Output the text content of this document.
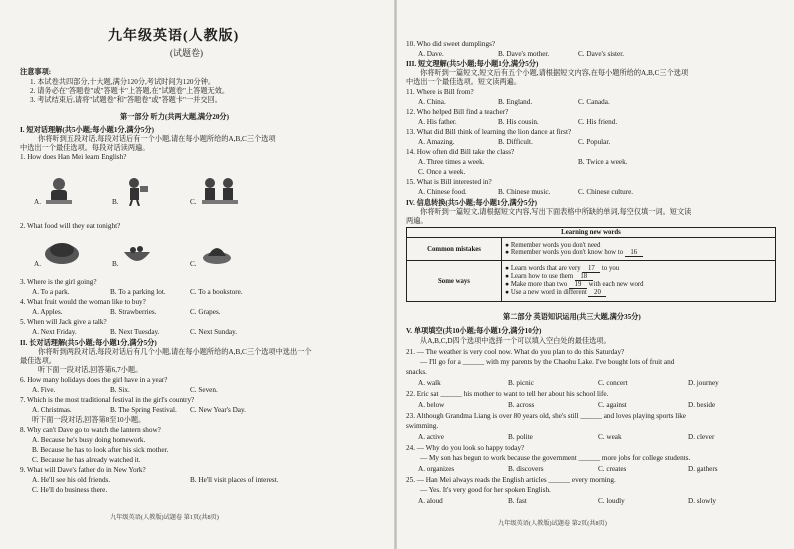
九年级英语(人教版)
(试题卷)
注意事项:
1. 本试卷共四部分,十大题,满分120分,考试时间为120分钟。
2. 请务必在"答题卷"或"答题卡"上答题,在"试题卷"上答题无效。
3. 考试结束后,请将"试题卷"和"答题卷"或"答题卡"一并交回。
第一部分 听力(共两大题,满分20分)
I. 短对话理解(共5小题;每小题1分,满分5分)
你将听到五段对话,每段对话后有一个小题,请在每小题所给的A,B,C三个选项
中选出一个最佳选项。每段对话读两遍。
1. How does Han Mei learn English?
A.	B.	C.
2. What food will they eat tonight?
A.	B.	C.
3. Where is the girl going?
A. To a park.	B. To a parking lot.	C. To a bookstore.
4. What fruit would the woman like to buy?
A. Apples.	B. Strawberries.	C. Grapes.
5. When will Jack give a talk?
A. Next Friday.	B. Next Tuesday.	C. Next Sunday.
II. 长对话理解(共5小题;每小题1分,满分5分)
你将听到两段对话,每段对话后有几个小题,请在每小题所给的A,B,C三个选项中选出一个
最佳选项。
听下面一段对话,回答第6,7小题。
6. How many holidays does the girl have in a year?
A. Five.	B. Six.	C. Seven.
7. Which is the most traditional festival in the girl's country?
A. Christmas.	B. The Spring Festival. C. New Year's Day.
听下面一段对话,回答第8至10小题。
8. Why can't Dave go to watch the lantern show?
A. Because he's busy doing homework.
B. Because he has to look after his sick mother.
C. Because he has already watched it.
9. What will Dave's father do in New York?
A. He'll see his old friends.	B. He'll visit places of interest.
C. He'll do business there.
九年级英语(人教版)试题卷 第1页(共8页)
10. Who did sweet dumplings?
A. Dave.	B. Dave's mother.	C. Dave's sister.
III. 短文理解(共5小题;每小题1分,满分5分)
你将听到一篇短文,短文后有五个小题,请根据短文内容,在每小题所给的A,B,C三个选项
中选出一个最佳选项。短文读两遍。
11. Where is Bill from?
A. China.	B. England.	C. Canada.
12. Who helped Bill find a teacher?
A. His father.	B. His cousin.	C. His friend.
13. What did Bill think of learning the lion dance at first?
A. Amazing.	B. Difficult.	C. Popular.
14. How often did Bill take the class?
A. Three times a week.	B. Twice a week.
C. Once a week.
15. What is Bill interested in?
A. Chinese food.	B. Chinese music.	C. Chinese culture.
IV. 信息转换(共5小题;每小题1分,满分5分)
你将听到一篇短文,请根据短文内容,写出下面表格中所缺的单词,每空仅填一词。短文读
两遍。
Learning new words	
Common mistakes	● Remember words you don't need
● Remember words you don't know how to 16

Some ways	● Learn words that are very 17 to you
● Learn how to use them 18
● Make more than two 19 with each new word
● Use a new word in different 20
第二部分 英语知识运用(共三大题,满分35分)
V. 单项填空(共10小题;每小题1分,满分10分)
从A,B,C,D四个选项中选择一个可以填入空白处的最佳选项。
21. — The weather is very cool now. What do you plan to do this Saturday?
— I'll go for a ______ with my parents by the Chaohu Lake. I've bought lots of fruit and
snacks.
A. walk	B. picnic	C. concert	D. journey
22. Eric sat ______ his mother to want to tell her about his school life.
A. below	B. across	C. against	D. beside
23. Although Grandma Liang is over 80 years old, she's still ______ and loves playing sports like
swimming.
A. active	B. polite	C. weak	D. clever
24. — Why do you look so happy today?
— My son has begun to work because the government ______ more jobs for college students.
A. organizes	B. discovers	C. creates	D. gathers
25. — Han Mei always reads the English articles ______ every morning.
— Yes. It's very good for her spoken English.
A. aloud	B. fast	C. loudly	D. slowly
九年级英语(人教版)试题卷 第2页(共8页)
